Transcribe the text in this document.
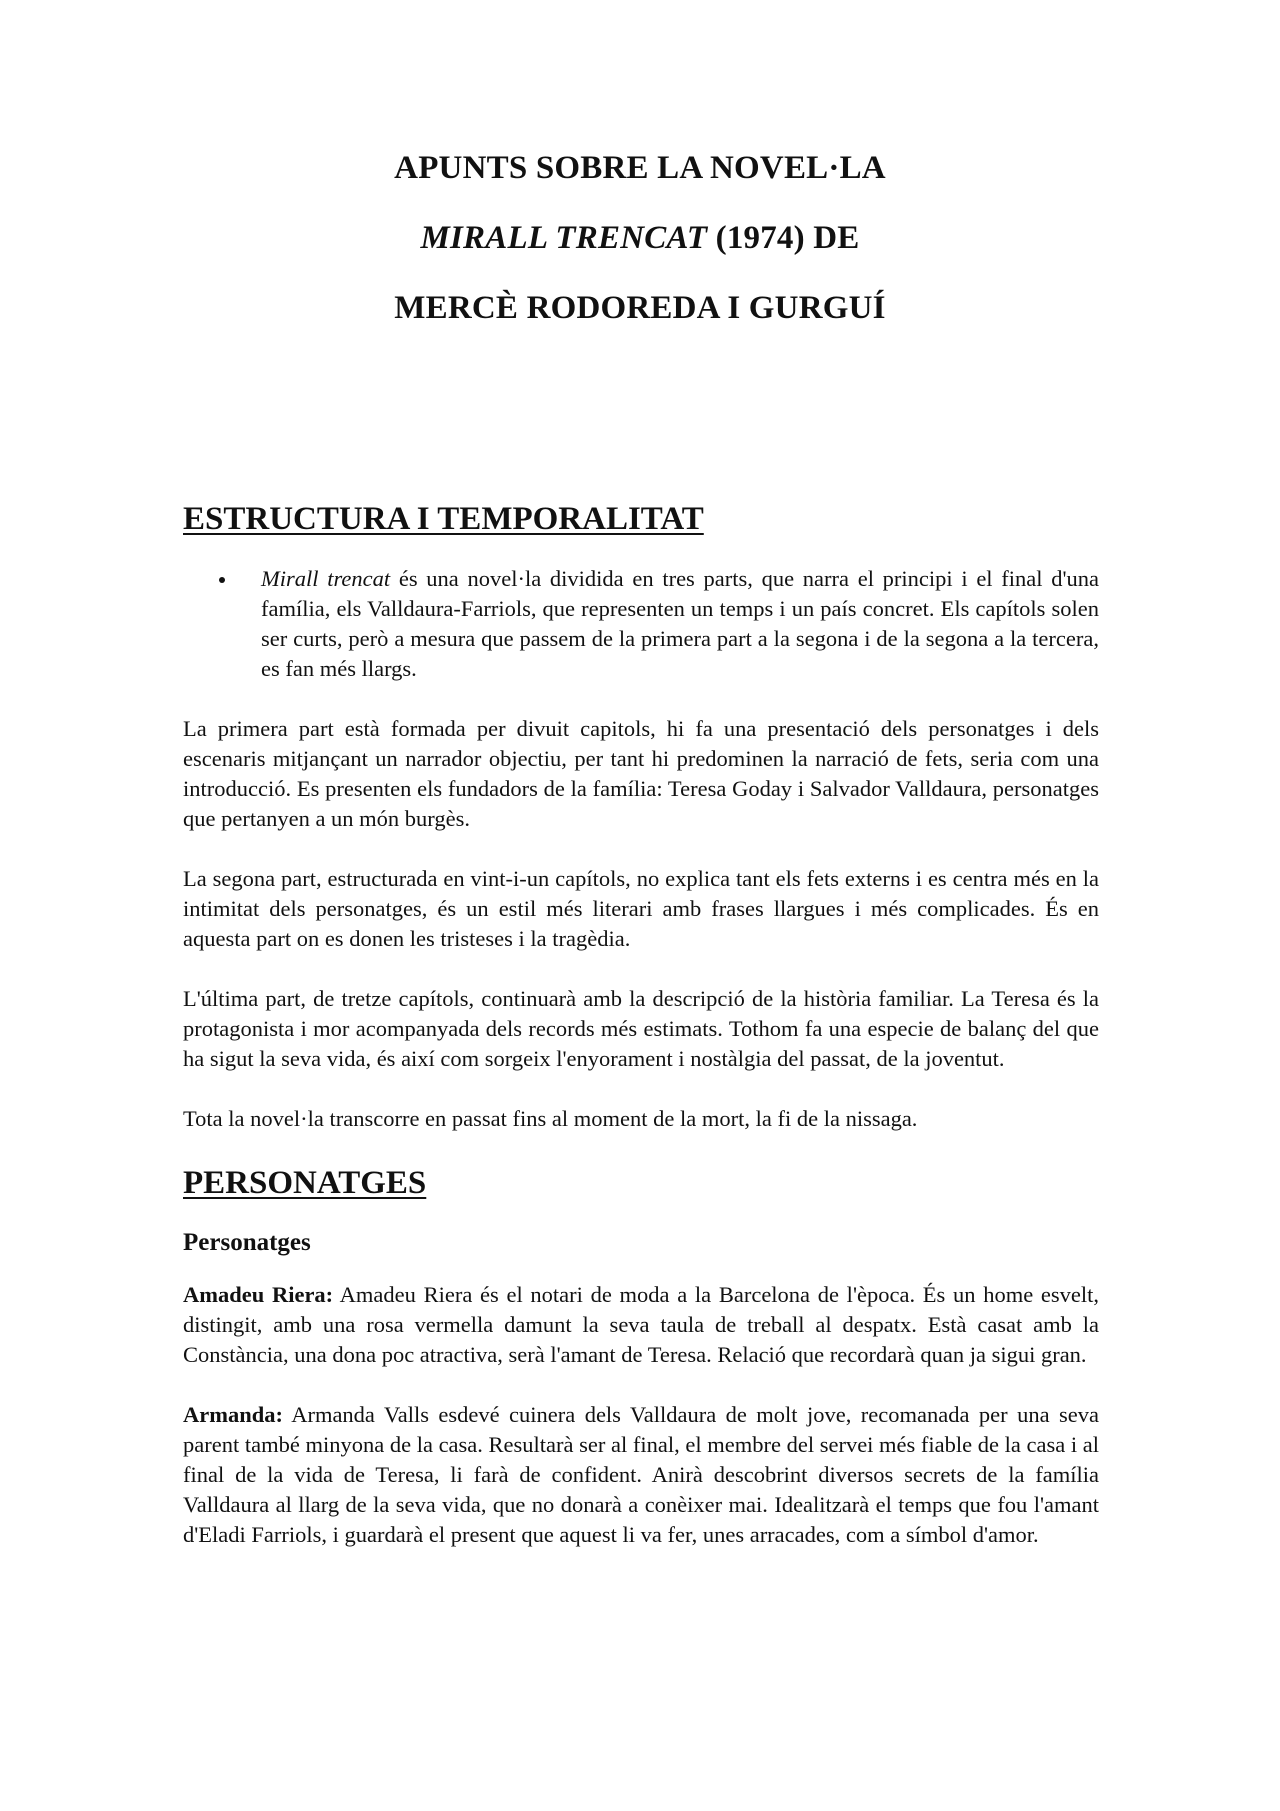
APUNTS SOBRE LA NOVEL·LA
MIRALL TRENCAT (1974) DE
MERCÈ RODOREDA I GURGUÍ
ESTRUCTURA I TEMPORALITAT
Mirall trencat és una novel·la dividida en tres parts, que narra el principi i el final d'una família, els Valldaura-Farriols, que representen un temps i un país concret. Els capítols solen ser curts, però a mesura que passem de la primera part a la segona i de la segona a la tercera, es fan més llargs.

La primera part està formada per divuit capitols, hi fa una presentació dels personatges i dels escenaris mitjançant un narrador objectiu, per tant hi predominen la narració de fets, seria com una introducció. Es presenten els fundadors de la família: Teresa Goday i Salvador Valldaura, personatges que pertanyen a un món burgès.

La segona part, estructurada en vint-i-un capítols, no explica tant els fets externs i es centra més en la intimitat dels personatges, és un estil més literari amb frases llargues i més complicades. És en aquesta part on es donen les tristeses i la tragèdia.

L'última part, de tretze capítols, continuarà amb la descripció de la història familiar. La Teresa és la protagonista i mor acompanyada dels records més estimats. Tothom fa una especie de balanç del que ha sigut la seva vida, és així com sorgeix l'enyorament i nostàlgia del passat, de la joventut.

Tota la novel·la transcorre en passat fins al moment de la mort, la fi de la nissaga.

PERSONATGES
Personatges

Amadeu Riera: Amadeu Riera és el notari de moda a la Barcelona de l'època. És un home esvelt, distingit, amb una rosa vermella damunt la seva taula de treball al despatx. Està casat amb la Constància, una dona poc atractiva, serà l'amant de Teresa. Relació que recordarà quan ja sigui gran.

Armanda: Armanda Valls esdevé cuinera dels Valldaura de molt jove, recomanada per una seva parent també minyona de la casa. Resultarà ser al final, el membre del servei més fiable de la casa i al final de la vida de Teresa, li farà de confident. Anirà descobrint diversos secrets de la família Valldaura al llarg de la seva vida, que no donarà a conèixer mai. Idealitzarà el temps que fou l'amant d'Eladi Farriols, i guardarà el present que aquest li va fer, unes arracades, com a símbol d'amor.
